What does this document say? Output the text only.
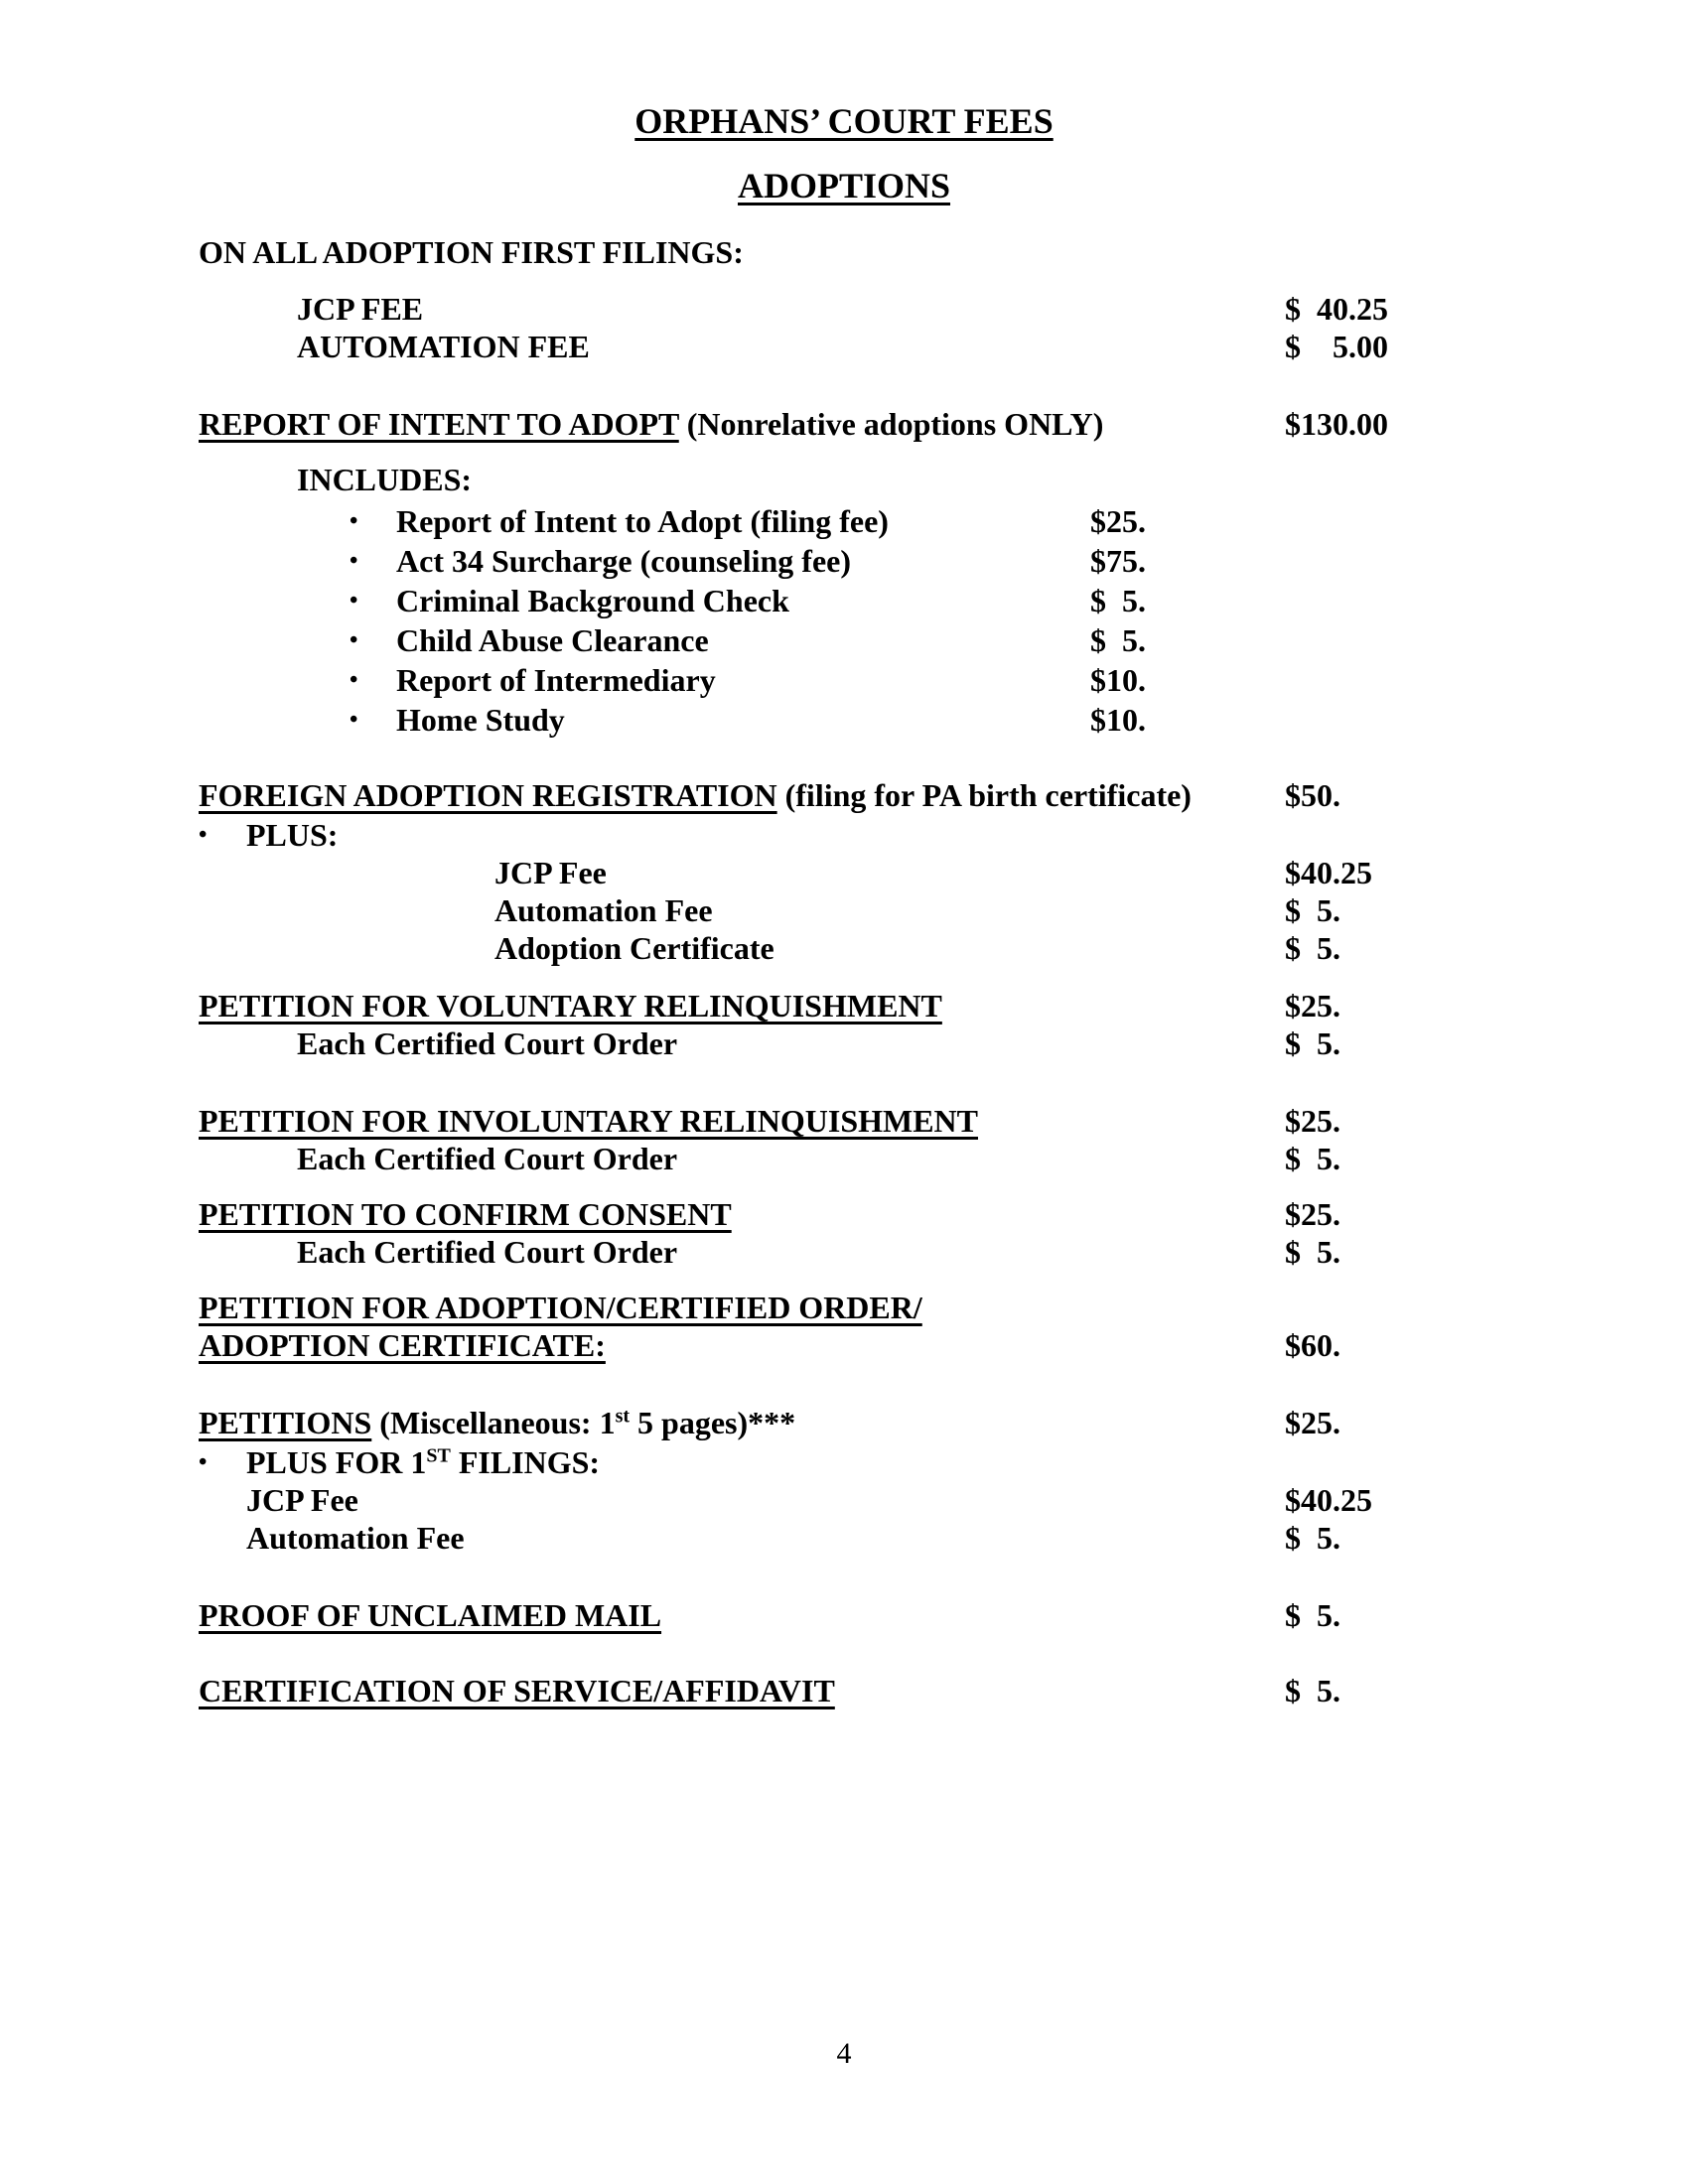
ORPHANS’ COURT FEES
ADOPTIONS
ON ALL ADOPTION FIRST FILINGS:
JCP FEE	$  40.25
AUTOMATION FEE	$    5.00
REPORT OF INTENT TO ADOPT (Nonrelative adoptions ONLY)	$130.00
INCLUDES:
• Report of Intent to Adopt (filing fee)	$25.
• Act 34 Surcharge (counseling fee)	$75.
• Criminal Background Check	$  5.
• Child Abuse Clearance	$  5.
• Report of Intermediary	$10.
• Home Study	$10.
FOREIGN ADOPTION REGISTRATION (filing for PA birth certificate)	$50.
• PLUS:
JCP Fee	$40.25
Automation Fee	$  5.
Adoption Certificate	$  5.
PETITION FOR VOLUNTARY RELINQUISHMENT	$25.
Each Certified Court Order	$  5.
PETITION FOR INVOLUNTARY RELINQUISHMENT	$25.
Each Certified Court Order	$  5.
PETITION TO CONFIRM CONSENT	$25.
Each Certified Court Order	$  5.
PETITION FOR ADOPTION/CERTIFIED ORDER/
ADOPTION CERTIFICATE:	$60.
PETITIONS (Miscellaneous: 1st 5 pages)***	$25.
• PLUS FOR 1ST FILINGS:
JCP Fee	$40.25
Automation Fee	$  5.
PROOF OF UNCLAIMED MAIL	$  5.
CERTIFICATION OF SERVICE/AFFIDAVIT	$  5.
4
